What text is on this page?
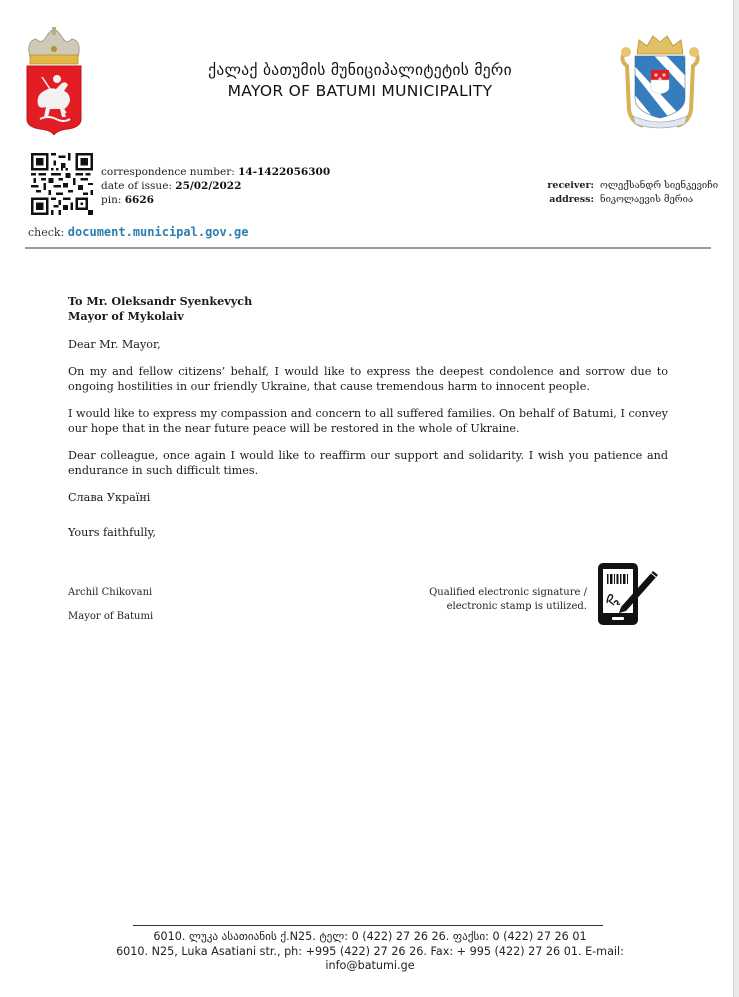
ქალაქ ბათუმის მუნიციპალიტეტის მერი
MAYOR OF BATUMI MUNICIPALITY
correspondence number: 14-1422056300
date of issue: 25/02/2022
pin: 6626
receiver: ოლექსანდრ სიენკევიჩი
address: ნიკოლაევის მერია
check: document.municipal.gov.ge

To Mr. Oleksandr Syenkevych
Mayor of Mykolaiv

Dear Mr. Mayor,

On my and fellow citizens’ behalf, I would like to express the deepest condolence and sorrow due to ongoing hostilities in our friendly Ukraine, that cause tremendous harm to innocent people.

I would like to express my compassion and concern to all suffered families. On behalf of Batumi, I convey our hope that in the near future peace will be restored in the whole of Ukraine.

Dear colleague, once again I would like to reaffirm our support and solidarity. I wish you patience and endurance in such difficult times.

Слава Україні

Yours faithfully,

Archil Chikovani
Mayor of Batumi
Qualified electronic signature /
electronic stamp is utilized.
6010. ლუკა ასათიანის ქ.N25. ტელ: 0 (422) 27 26 26. ფაქსი: 0 (422) 27 26 01
6010. N25, Luka Asatiani str., ph: +995 (422) 27 26 26. Fax: + 995 (422) 27 26 01. E-mail:
info@batumi.ge
